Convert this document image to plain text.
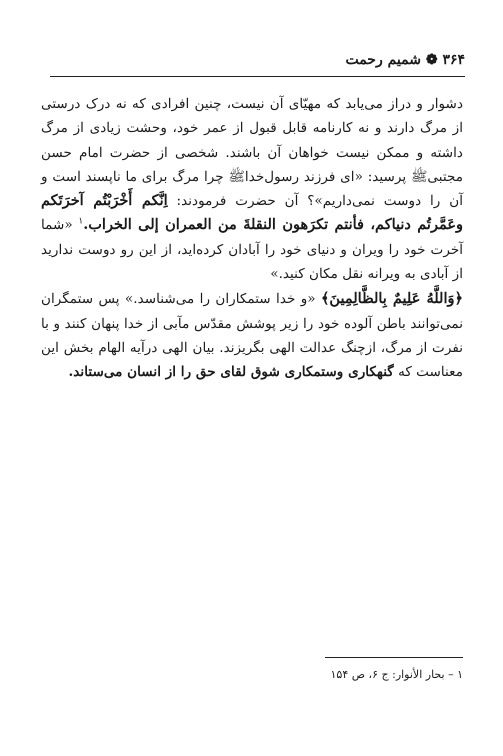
۳۶۴ ❁ شمیم رحمت

دشوار و دراز می‌یابد که مهیّای آن نیست، چنین افرادی که نه درک درستی از مرگ دارند و نه کارنامه قابل قبول از عمر خود، وحشت زیادی از مرگ داشته و ممکن نیست خواهان آن باشند. شخصی از حضرت امام حسن مجتبیﷺ پرسید: «ای فرزند رسول‌خداﷺ چرا مرگ برای ما ناپسند است و آن را دوست نمی‌داریم»؟ آن حضرت فرمودند: اِنَّکم أَخْرَبْتُم آخرَتَکم وعَمَّرتُم دنیاکم، فأنتم تکرَهون النقلةَ من العمران إلی الخراب.$^۱$ «شما آخرت خود را ویران و دنیای خود را آبادان کرده‌اید، از این رو دوست ندارید از آبادی به ویرانه نقل مکان کنید.»

﴿وَاللَّهُ عَلِيمٌ بِالظَّالِمِينَ﴾ «و خدا ستمکاران را می‌شناسد.» پس ستمگران نمی‌توانند باطن آلوده خود را زیر پوشش مقدّس مآبی از خدا پنهان کنند و با نفرت از مرگ، ازچنگ عدالت الهی بگریزند. بیان الهی درآیه الهام بخش این معناست که گنهکاری وستمکاری شوق لقای حق را از انسان می‌ستاند.

۱ – بحار الأنوار: ج ۶، ص ۱۵۴
